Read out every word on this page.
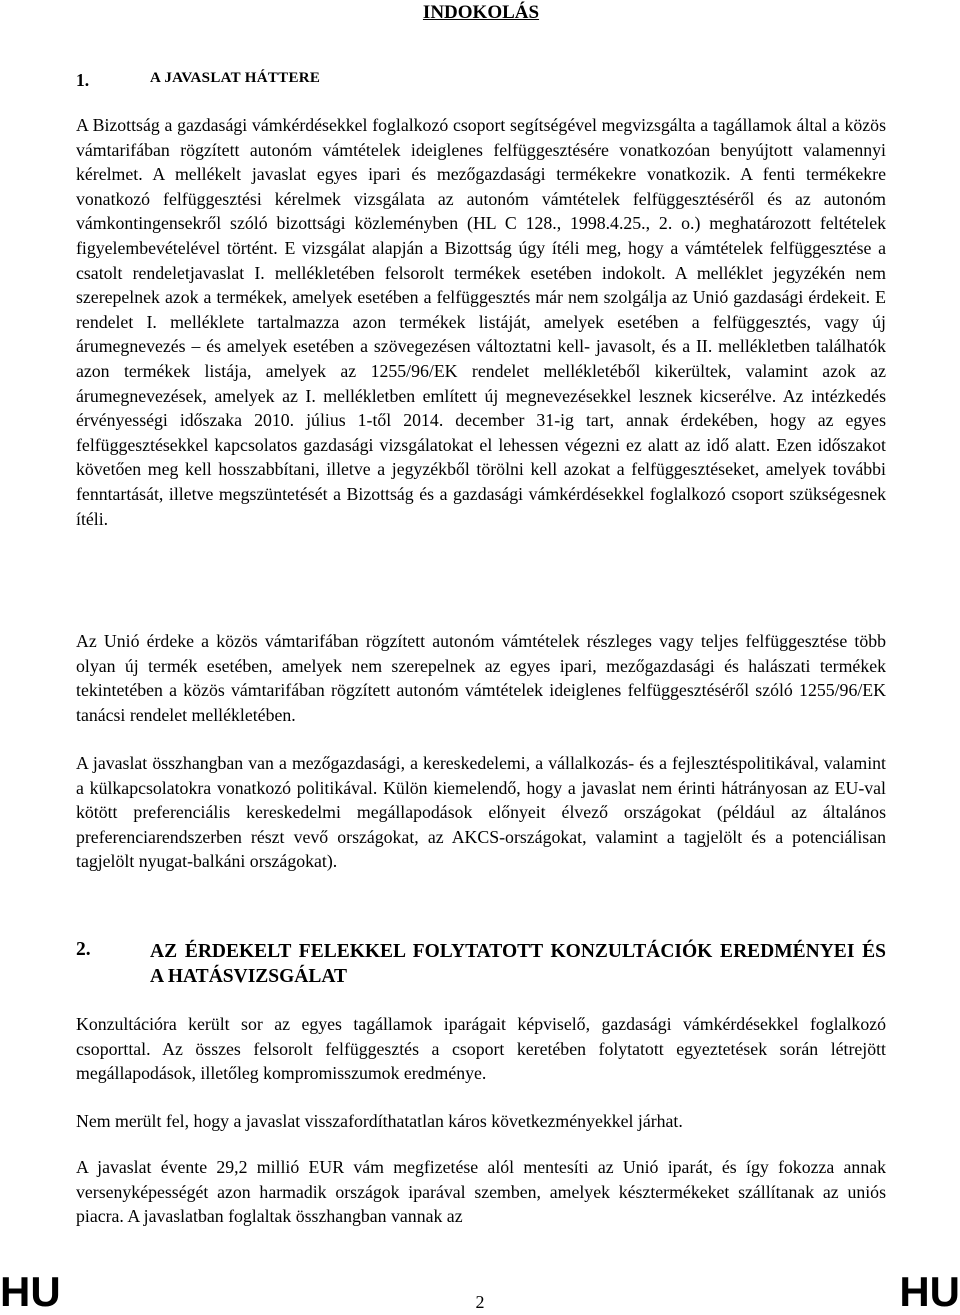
INDOKOLÁS
1.	A JAVASLAT HÁTTERE

A Bizottság a gazdasági vámkérdésekkel foglalkozó csoport segítségével megvizsgálta a tagállamok által a közös vámtarifában rögzített autonóm vámtételek ideiglenes felfüggesztésére vonatkozóan benyújtott valamennyi kérelmet. A mellékelt javaslat egyes ipari és mezőgazdasági termékekre vonatkozik. A fenti termékekre vonatkozó felfüggesztési kérelmek vizsgálata az autonóm vámtételek felfüggesztéséről és az autonóm vámkontingensekről szóló bizottsági közleményben (HL C 128., 1998.4.25., 2. o.) meghatározott feltételek figyelembevételével történt. E vizsgálat alapján a Bizottság úgy ítéli meg, hogy a vámtételek felfüggesztése a csatolt rendeletjavaslat I. mellékletében felsorolt termékek esetében indokolt. A melléklet jegyzékén nem szerepelnek azok a termékek, amelyek esetében a felfüggesztés már nem szolgálja az Unió gazdasági érdekeit. E rendelet I. melléklete tartalmazza azon termékek listáját, amelyek esetében a felfüggesztés, vagy új árumegnevezés – és amelyek esetében a szövegezésen változtatni kell- javasolt, és a II. mellékletben találhatók azon termékek listája, amelyek az 1255/96/EK rendelet mellékletéből kikerültek, valamint azok az árumegnevezések, amelyek az I. mellékletben említett új megnevezésekkel lesznek kicserélve. Az intézkedés érvényességi időszaka 2010. július 1-től 2014. december 31-ig tart, annak érdekében, hogy az egyes felfüggesztésekkel kapcsolatos gazdasági vizsgálatokat el lehessen végezni ez alatt az idő alatt. Ezen időszakot követően meg kell hosszabbítani, illetve a jegyzékből törölni kell azokat a felfüggesztéseket, amelyek további fenntartását, illetve megszüntetését a Bizottság és a gazdasági vámkérdésekkel foglalkozó csoport szükségesnek ítéli.

Az Unió érdeke a közös vámtarifában rögzített autonóm vámtételek részleges vagy teljes felfüggesztése több olyan új termék esetében, amelyek nem szerepelnek az egyes ipari, mezőgazdasági és halászati termékek tekintetében a közös vámtarifában rögzített autonóm vámtételek ideiglenes felfüggesztéséről szóló 1255/96/EK tanácsi rendelet mellékletében.

A javaslat összhangban van a mezőgazdasági, a kereskedelemi, a vállalkozás- és a fejlesztéspolitikával, valamint a külkapcsolatokra vonatkozó politikával. Külön kiemelendő, hogy a javaslat nem érinti hátrányosan az EU-val kötött preferenciális kereskedelmi megállapodások előnyeit élvező országokat (például az általános preferenciarendszerben részt vevő országokat, az AKCS-országokat, valamint a tagjelölt és a potenciálisan tagjelölt nyugat-balkáni országokat).

2.	AZ ÉRDEKELT FELEKKEL FOLYTATOTT KONZULTÁCIÓK EREDMÉNYEI ÉS A HATÁSVIZSGÁLAT

Konzultációra került sor az egyes tagállamok iparágait képviselő, gazdasági vámkérdésekkel foglalkozó csoporttal. Az összes felsorolt felfüggesztés a csoport keretében folytatott egyeztetések során létrejött megállapodások, illetőleg kompromisszumok eredménye.

Nem merült fel, hogy a javaslat visszafordíthatatlan káros következményekkel járhat.

A javaslat évente 29,2 millió EUR vám megfizetése alól mentesíti az Unió iparát, és így fokozza annak versenyképességét azon harmadik országok iparával szemben, amelyek késztermékeket szállítanak az uniós piacra. A javaslatban foglaltak összhangban vannak az

HU	2	HU
